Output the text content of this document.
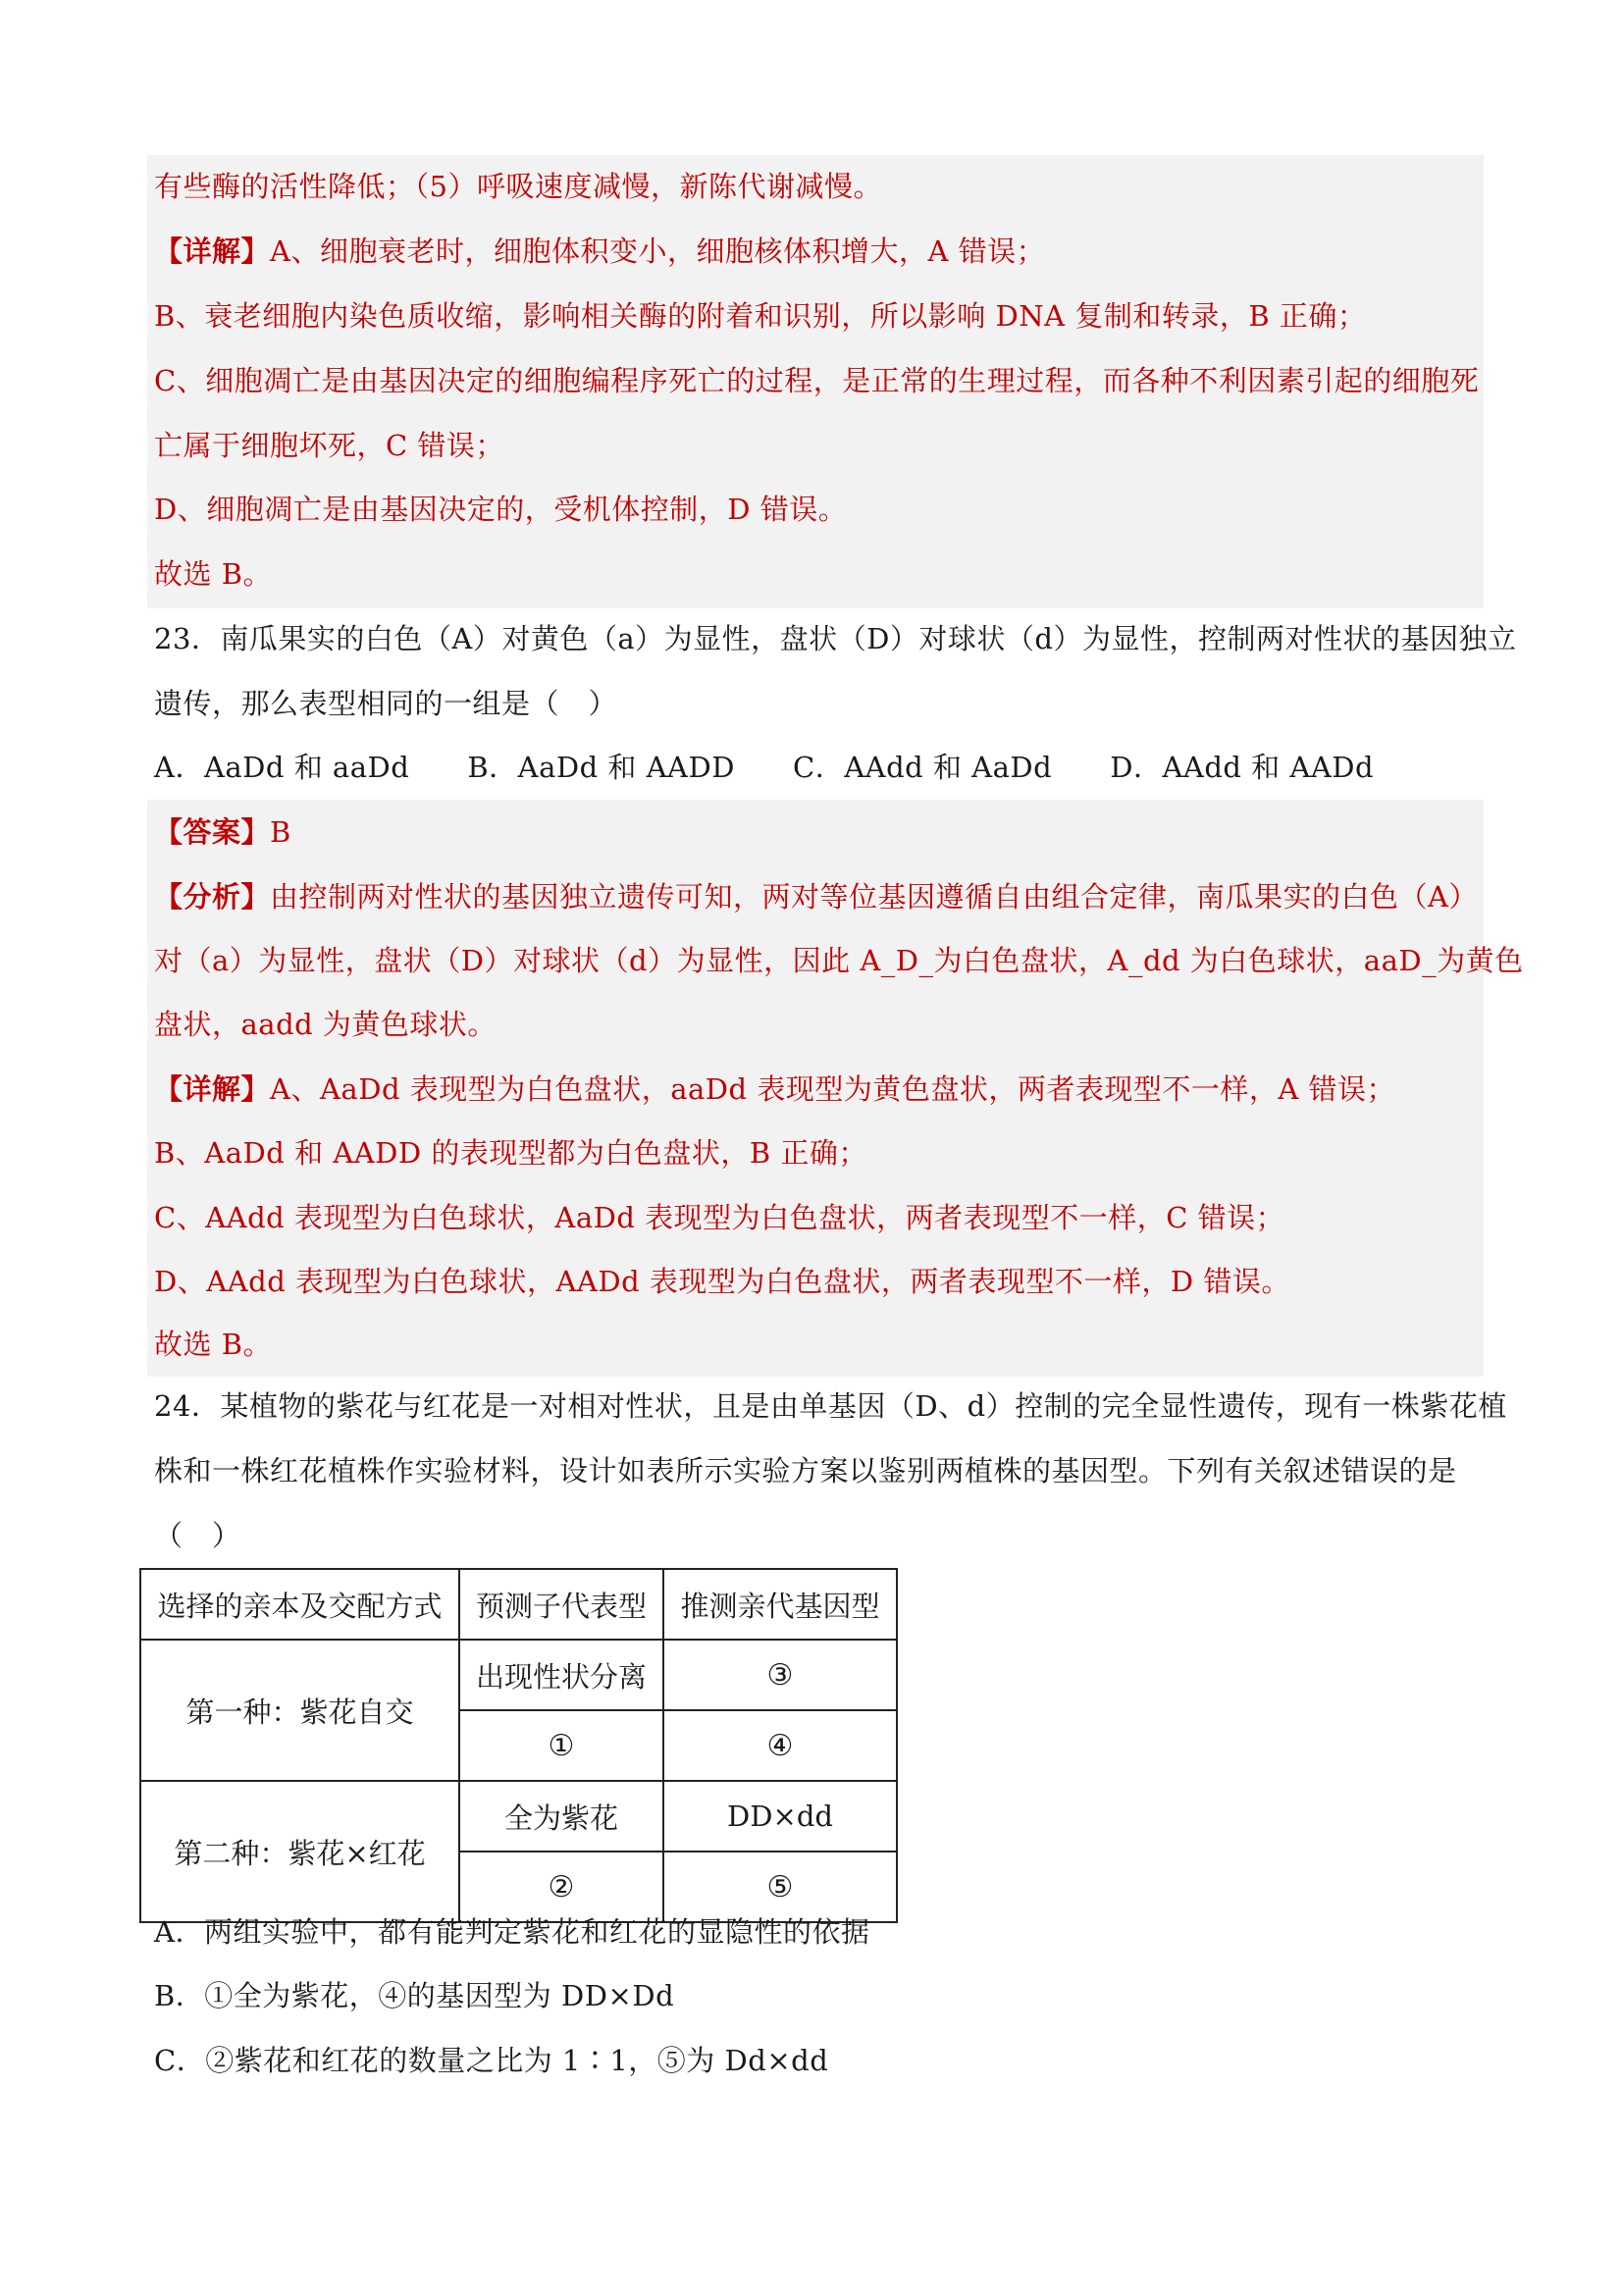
有些酶的活性降低；（5）呼吸速度减慢，新陈代谢减慢。
【详解】A、细胞衰老时，细胞体积变小，细胞核体积增大，A 错误；
B、衰老细胞内染色质收缩，影响相关酶的附着和识别，所以影响 DNA 复制和转录，B 正确；
C、细胞凋亡是由基因决定的细胞编程序死亡的过程，是正常的生理过程，而各种不利因素引起的细胞死
亡属于细胞坏死，C 错误；
D、细胞凋亡是由基因决定的，受机体控制，D 错误。
故选 B。
23．南瓜果实的白色（A）对黄色（a）为显性，盘状（D）对球状（d）为显性，控制两对性状的基因独立
遗传，那么表型相同的一组是（　）
A．AaDd 和 aaDd　　B．AaDd 和 AADD　　C．AAdd 和 AaDd　　D．AAdd 和 AADd
【答案】B
【分析】由控制两对性状的基因独立遗传可知，两对等位基因遵循自由组合定律，南瓜果实的白色（A）
对（a）为显性，盘状（D）对球状（d）为显性，因此 A_D_为白色盘状，A_dd 为白色球状，aaD_为黄色
盘状，aadd 为黄色球状。
【详解】A、AaDd 表现型为白色盘状，aaDd 表现型为黄色盘状，两者表现型不一样，A 错误；
B、AaDd 和 AADD 的表现型都为白色盘状，B 正确；
C、AAdd 表现型为白色球状，AaDd 表现型为白色盘状，两者表现型不一样，C 错误；
D、AAdd 表现型为白色球状，AADd 表现型为白色盘状，两者表现型不一样，D 错误。
故选 B。
24．某植物的紫花与红花是一对相对性状，且是由单基因（D、d）控制的完全显性遗传，现有一株紫花植
株和一株红花植株作实验材料，设计如表所示实验方案以鉴别两植株的基因型。下列有关叙述错误的是
（　）
选择的亲本及交配方式	预测子代表型	推测亲代基因型
第一种：紫花自交	出现性状分离	③
	①	④
第二种：紫花×红花	全为紫花	DD×dd
	②	⑤
A．两组实验中，都有能判定紫花和红花的显隐性的依据
B．①全为紫花，④的基因型为 DD×Dd
C．②紫花和红花的数量之比为 1∶1，⑤为 Dd×dd
